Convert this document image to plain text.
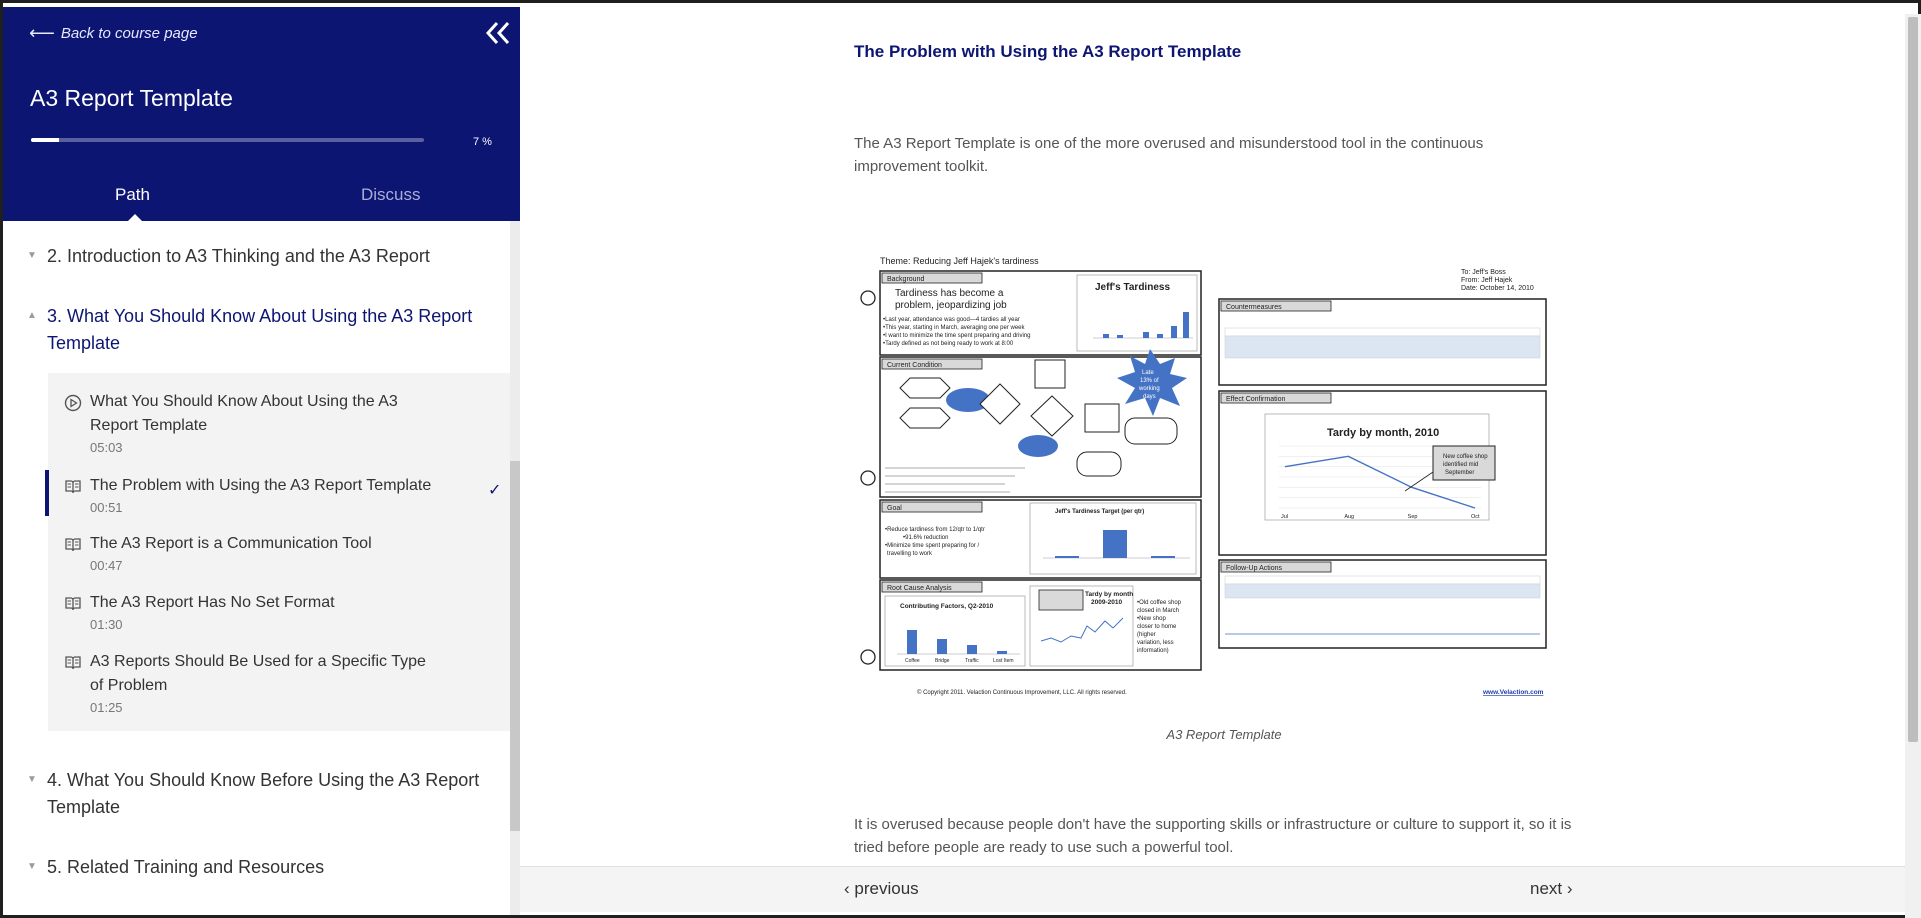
⟵ Back to course page
A3 Report Template
7 %
Path	Discuss
▼ 2. Introduction to A3 Thinking and the A3 Report
▲ 3. What You Should Know About Using the A3 Report Template
What You Should Know About Using the A3 Report Template
05:03
The Problem with Using the A3 Report Template
00:51
✓
The A3 Report is a Communication Tool
00:47
The A3 Report Has No Set Format
01:30
A3 Reports Should Be Used for a Specific Type of Problem
01:25
▼ 4. What You Should Know Before Using the A3 Report Template
▼ 5. Related Training and Resources
The Problem with Using the A3 Report Template

The A3 Report Template is one of the more overused and misunderstood tool in the continuous

improvement toolkit.

Theme: Reducing Jeff Hajek's tardiness
To: Jeff's Boss
From: Jeff Hajek
Date: October 14, 2010
Background
Tardiness has become a
problem, jeopardizing job
•Last year, attendance was good—4 tardies all year
•This year, starting in March, averaging one per week
•I want to minimize the time spent preparing and driving
•Tardy defined as not being ready to work at 8:00
Jeff's Tardiness
Current Condition
Late
13% of
working
days
Goal
•Reduce tardiness from 12/qtr to 1/qtr
•91.6% reduction
•Minimize time spent preparing for /
travelling to work
Jeff's Tardiness Target (per qtr)
Root Cause Analysis
Contributing Factors, Q2-2010
Coffee	Bridge	Traffic	Lost Item
Tardy by month
2009-2010 •Old coffee shop
closed in March
•New shop
closer to home
(higher
variation, less
information)
Countermeasures
Effect Confirmation
Tardy by month, 2010
Jul	Aug	Sep	Oct
New coffee shop
identified mid
September
Follow-Up Actions
© Copyright 2011. Velaction Continuous Improvement, LLC. All rights reserved.	www.Velaction.com

A3 Report Template

It is overused because people don't have the supporting skills or infrastructure or culture to support it, so it is

tried before people are ready to use such a powerful tool.

‹ previous	next ›
